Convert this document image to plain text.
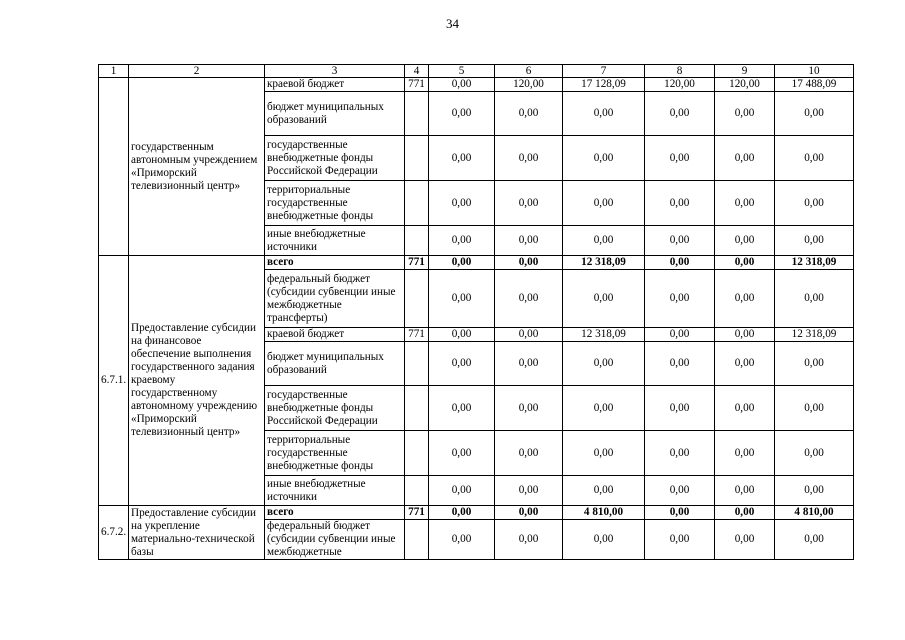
34
1	2	3	4	5	6	7	8	9	10
	государственным автономным учреждением «Приморский телевизионный центр»	краевой бюджет	771	0,00	120,00	17 128,09	120,00	120,00	17 488,09
		бюджет муниципальных образований		0,00	0,00	0,00	0,00	0,00	0,00
		государственные внебюджетные фонды Российской Федерации		0,00	0,00	0,00	0,00	0,00	0,00
		территориальные государственные внебюджетные фонды		0,00	0,00	0,00	0,00	0,00	0,00
		иные внебюджетные источники		0,00	0,00	0,00	0,00	0,00	0,00
6.7.1.	Предоставление субсидии на финансовое обеспечение выполнения государственного задания краевому государственному автономному учреждению «Приморский телевизионный центр»	всего	771	0,00	0,00	12 318,09	0,00	0,00	12 318,09
		федеральный бюджет (субсидии субвенции иные межбюджетные трансферты)		0,00	0,00	0,00	0,00	0,00	0,00
		краевой бюджет	771	0,00	0,00	12 318,09	0,00	0,00	12 318,09
		бюджет муниципальных образований		0,00	0,00	0,00	0,00	0,00	0,00
		государственные внебюджетные фонды Российской Федерации		0,00	0,00	0,00	0,00	0,00	0,00
		территориальные государственные внебюджетные фонды		0,00	0,00	0,00	0,00	0,00	0,00
		иные внебюджетные источники		0,00	0,00	0,00	0,00	0,00	0,00
6.7.2.	Предоставление субсидии на укрепление материально-технической базы	всего	771	0,00	0,00	4 810,00	0,00	0,00	4 810,00
		федеральный бюджет (субсидии субвенции иные межбюджетные		0,00	0,00	0,00	0,00	0,00	0,00
